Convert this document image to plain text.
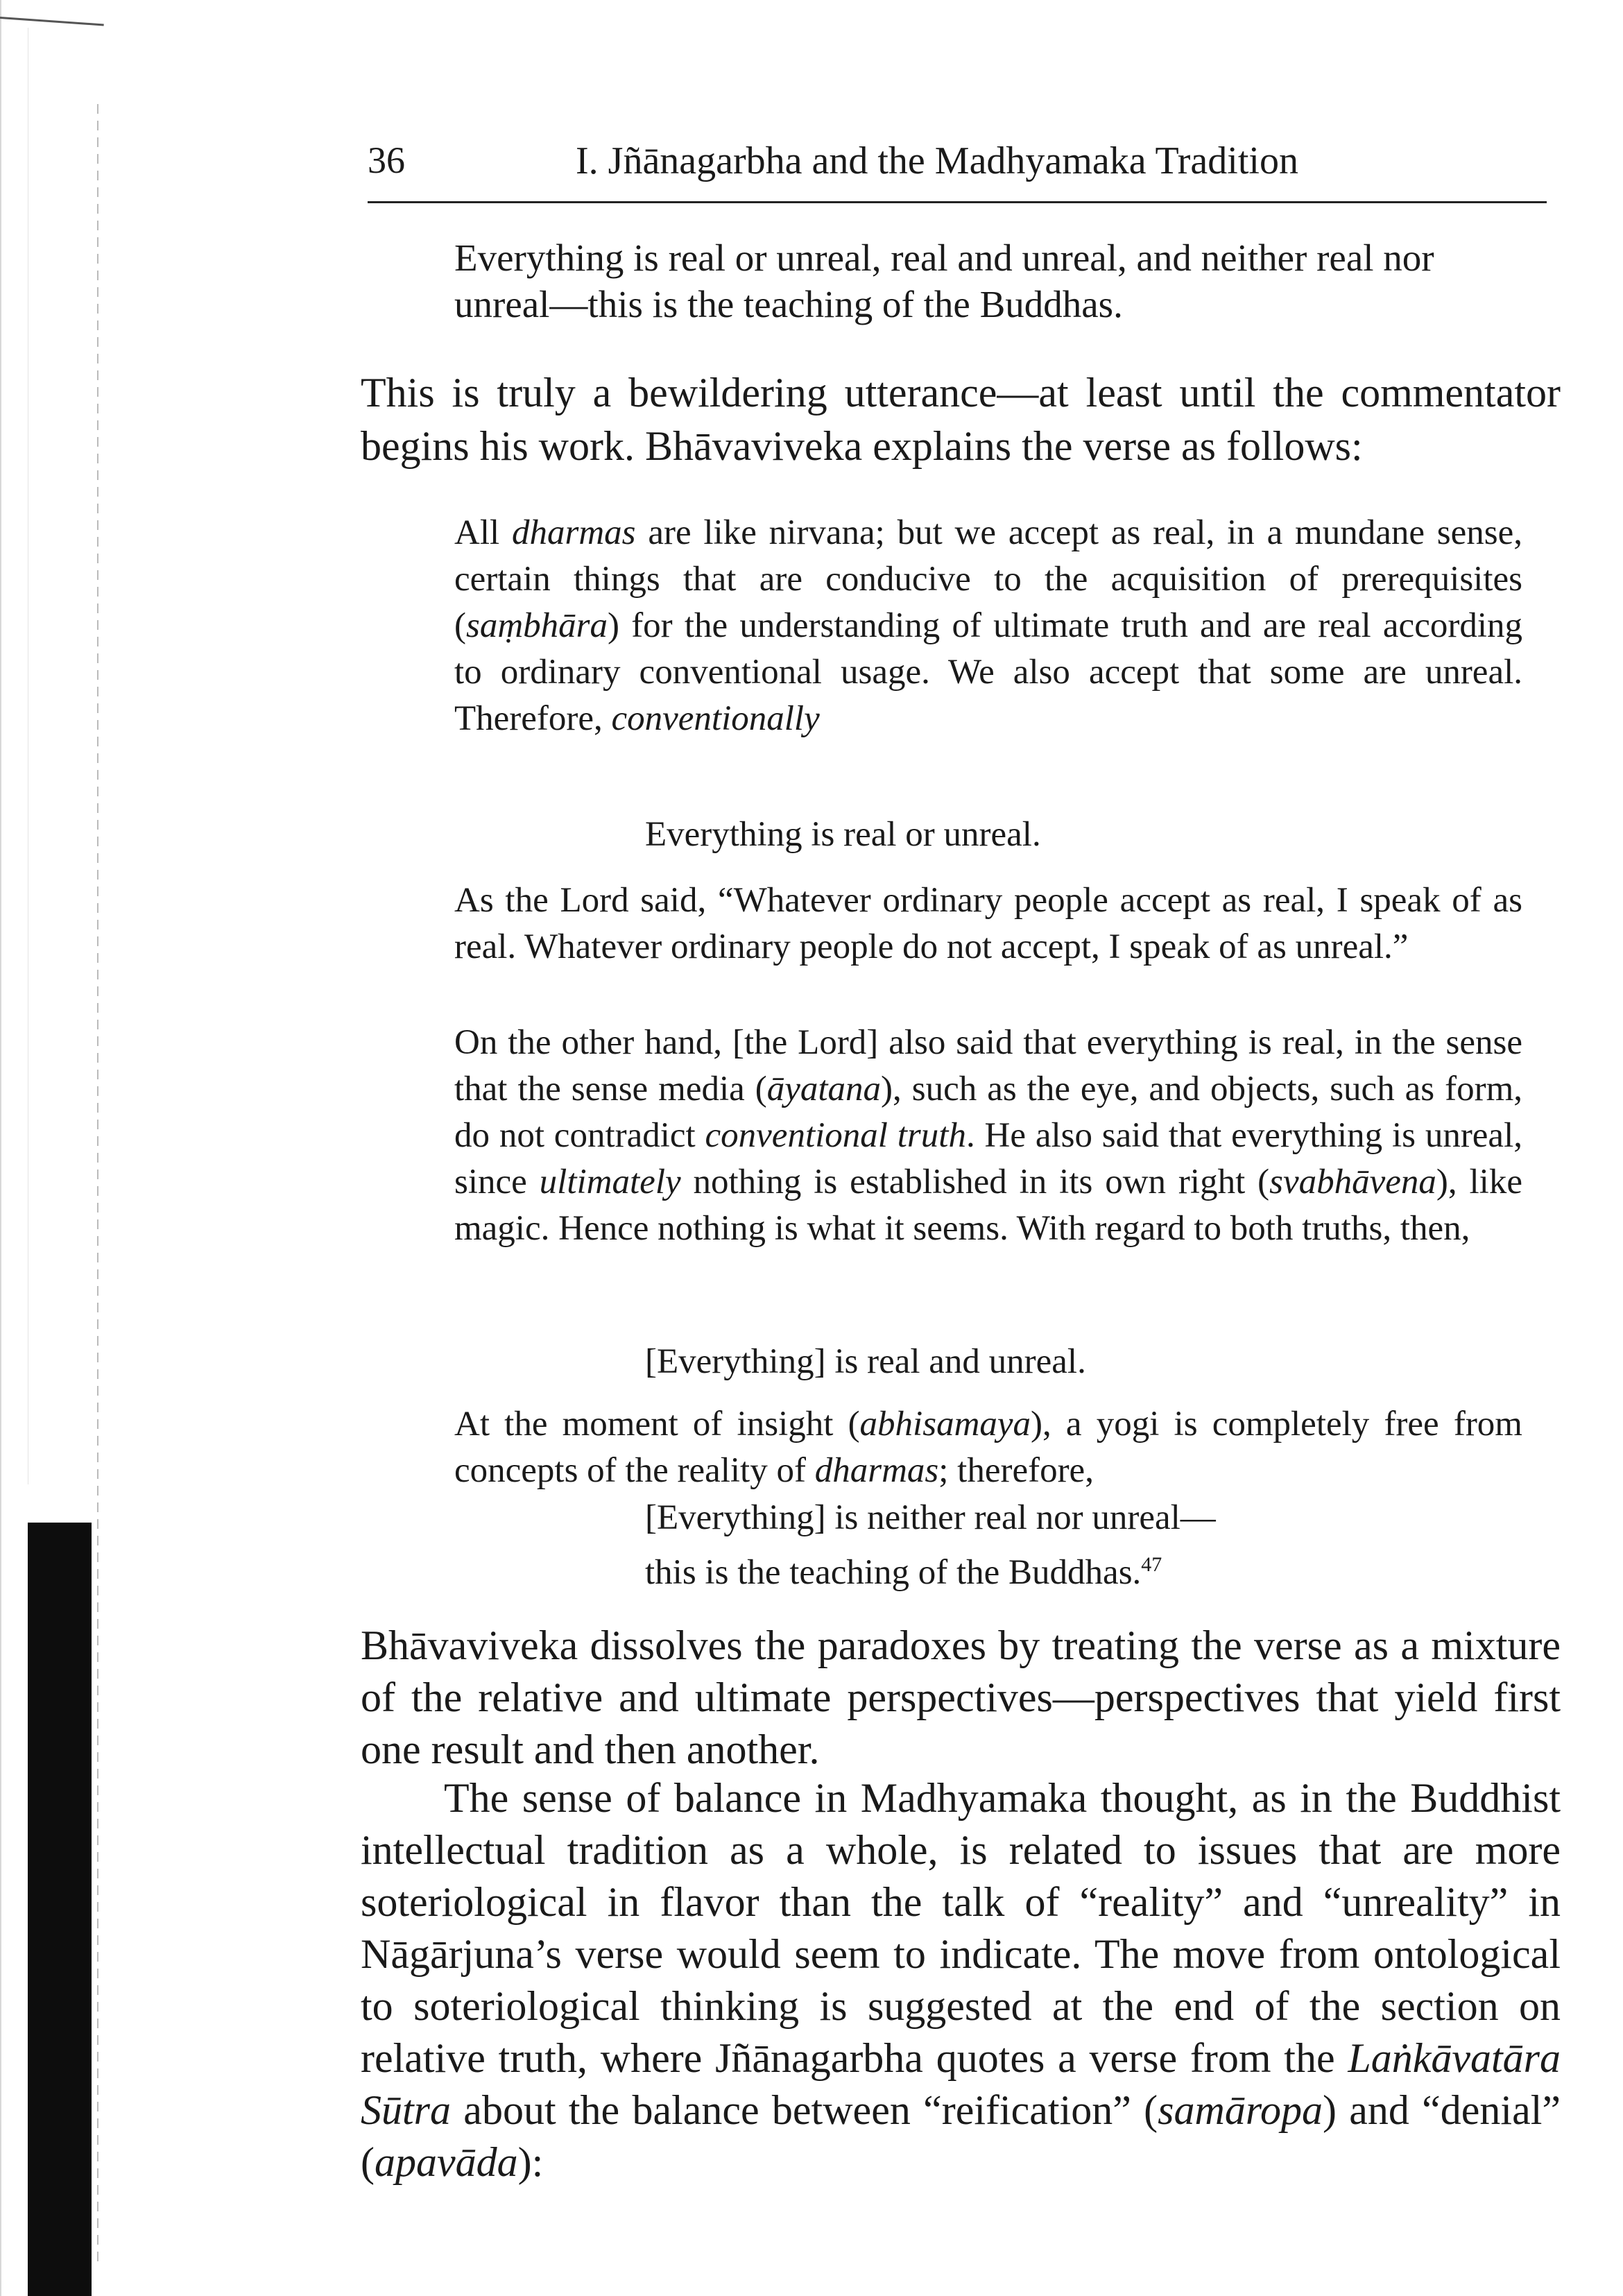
36	I. Jñānagarbha and the Madhyamaka Tradition

Everything is real or unreal, real and unreal, and neither real nor unreal—this is the teaching of the Buddhas.

This is truly a bewildering utterance—at least until the commentator begins his work. Bhāvaviveka explains the verse as follows:

All dharmas are like nirvana; but we accept as real, in a mundane sense, certain things that are conducive to the acquisition of prerequisites (saṃbhāra) for the understanding of ultimate truth and are real according to ordinary conventional usage. We also accept that some are unreal. Therefore, conventionally

Everything is real or unreal.

As the Lord said, “Whatever ordinary people accept as real, I speak of as real. Whatever ordinary people do not accept, I speak of as unreal.”

On the other hand, [the Lord] also said that everything is real, in the sense that the sense media (āyatana), such as the eye, and objects, such as form, do not contradict conventional truth. He also said that everything is unreal, since ultimately nothing is established in its own right (svabhāvena), like magic. Hence nothing is what it seems. With regard to both truths, then,

[Everything] is real and unreal.

At the moment of insight (abhisamaya), a yogi is completely free from concepts of the reality of dharmas; therefore,

[Everything] is neither real nor unreal—
this is the teaching of the Buddhas.$^{47}$

Bhāvaviveka dissolves the paradoxes by treating the verse as a mixture of the relative and ultimate perspectives—perspectives that yield first one result and then another.

The sense of balance in Madhyamaka thought, as in the Buddhist intellectual tradition as a whole, is related to issues that are more soteriological in flavor than the talk of “reality” and “unreality” in Nāgārjuna’s verse would seem to indicate. The move from ontological to soteriological thinking is suggested at the end of the section on relative truth, where Jñānagarbha quotes a verse from the Laṅkāvatāra Sūtra about the balance between “reification” (samāropa) and “denial” (apavāda):
